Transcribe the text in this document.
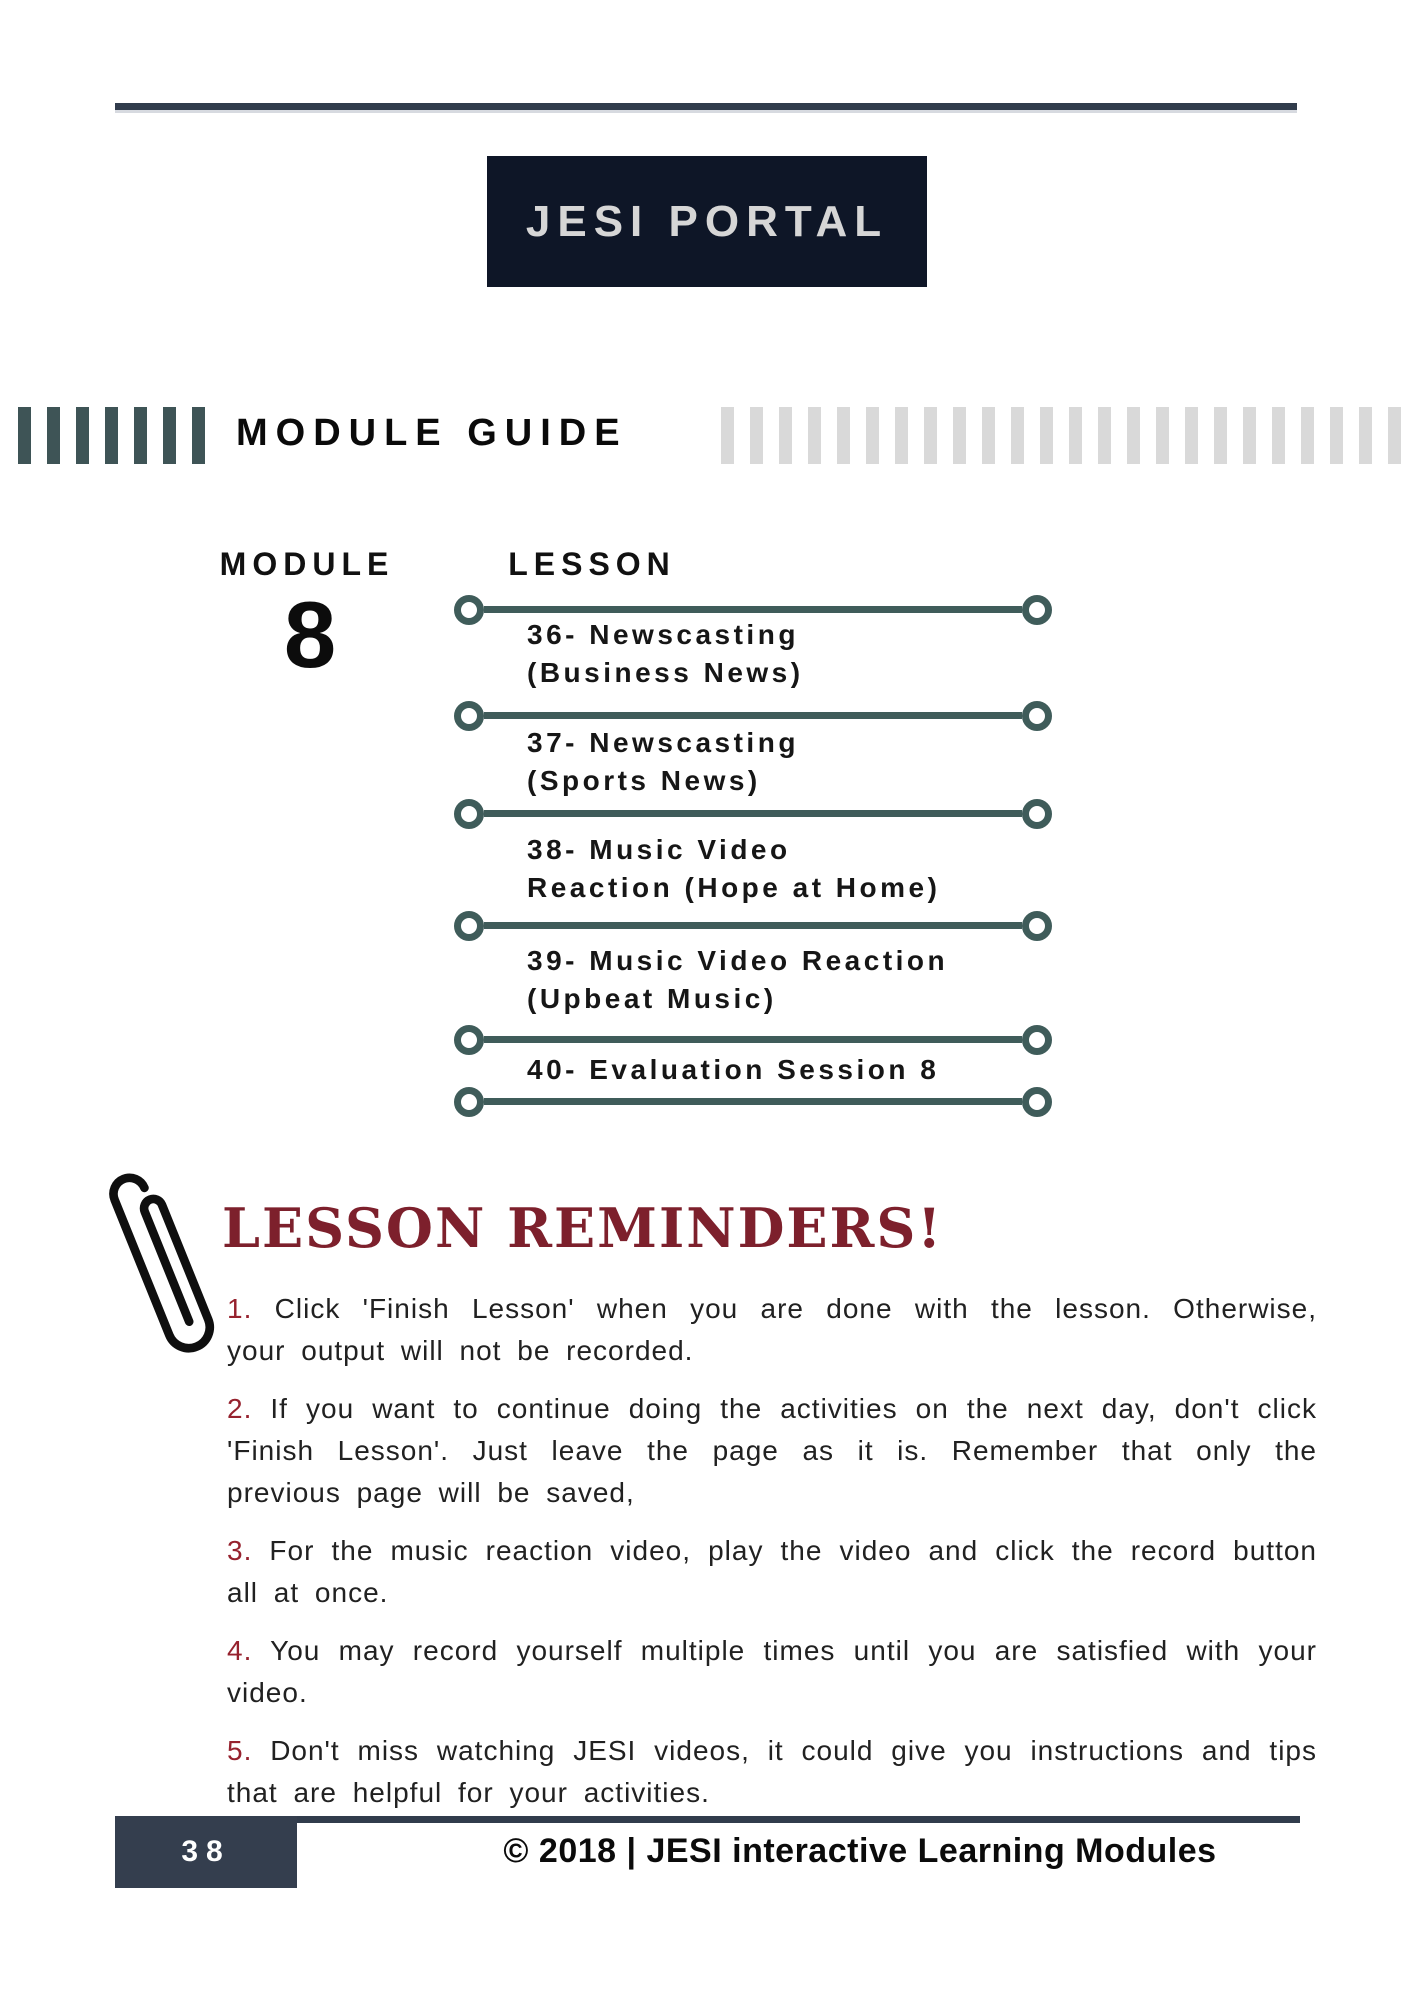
JESI PORTAL
MODULE GUIDE
MODULE	LESSON
8	36- Newscasting
(Business News)
37- Newscasting
(Sports News)
38- Music Video
Reaction (Hope at Home)
39- Music Video Reaction
(Upbeat Music)
40- Evaluation Session 8
LESSON REMINDERS!

1. Click 'Finish Lesson' when you are done with the lesson. Otherwise, your output will not be recorded.

2. If you want to continue doing the activities on the next day, don't click 'Finish Lesson'. Just leave the page as it is. Remember that only the previous page will be saved,

3. For the music reaction video, play the video and click the record button all at once.

4. You may record yourself multiple times until you are satisfied with your video.

5. Don't miss watching JESI videos, it could give you instructions and tips that are helpful for your activities.

38	© 2018 | JESI interactive Learning Modules
